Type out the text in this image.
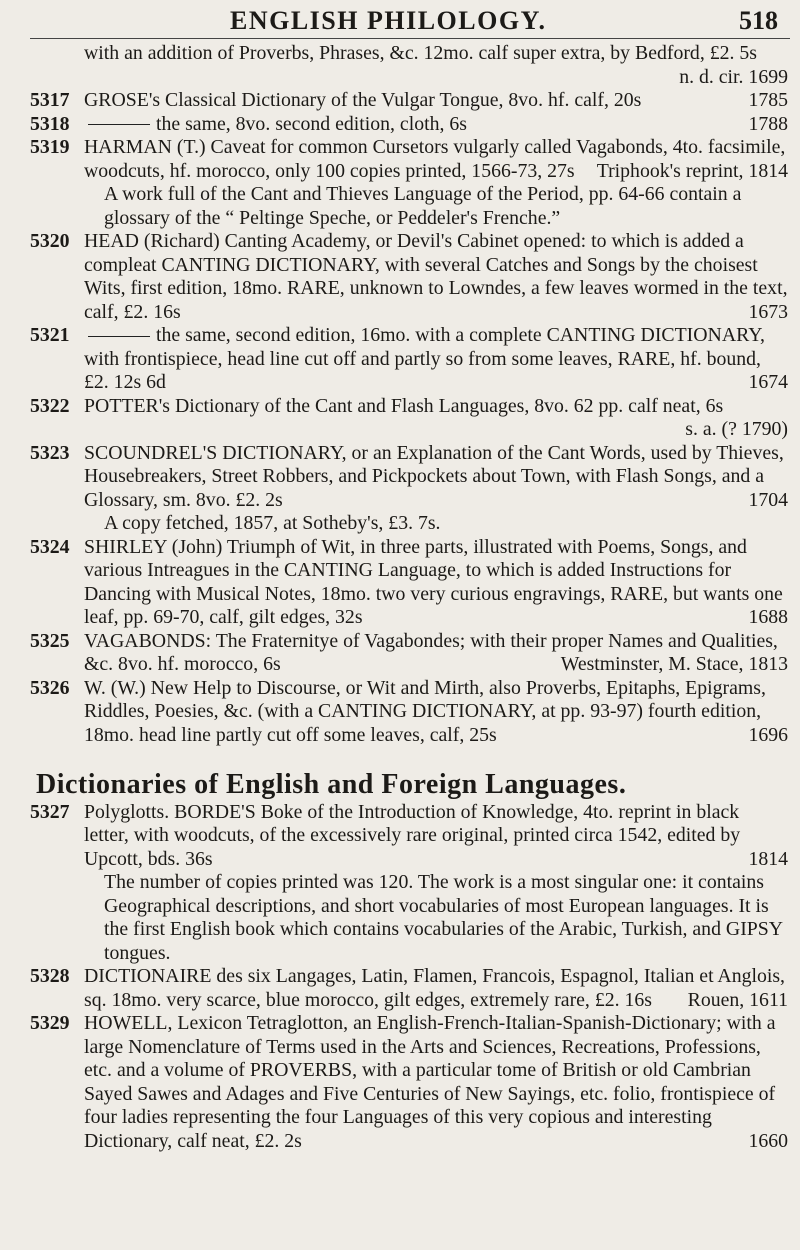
ENGLISH PHILOLOGY.	518
with an addition of Proverbs, Phrases, &c. 12mo. calf super extra, by Bedford, £2. 5s
n. d. cir. 1699
5317 GROSE's Classical Dictionary of the Vulgar Tongue, 8vo. hf. calf, 20s	1785
5318	the same, 8vo. second edition, cloth, 6s	1788
5319 HARMAN (T.) Caveat for common Cursetors vulgarly called Vagabonds, 4to. facsimile, woodcuts, hf. morocco, only 100 copies printed, 1566-73, 27s Triphook's reprint, 1814
A work full of the Cant and Thieves Language of the Period, pp. 64-66 contain a glossary of the “ Peltinge Speche, or Peddeler's Frenche.”
5320 HEAD (Richard) Canting Academy, or Devil's Cabinet opened: to which is added a compleat CANTING DICTIONARY, with several Catches and Songs by the choisest Wits, first edition, 18mo. RARE, unknown to Lowndes, a few leaves wormed in the text, calf, £2. 16s	1673
5321	the same, second edition, 16mo. with a complete CANTING DICTIONARY, with frontispiece, head line cut off and partly so from some leaves, RARE, hf. bound, £2. 12s 6d	1674
5322 POTTER's Dictionary of the Cant and Flash Languages, 8vo. 62 pp. calf neat, 6s
s. a. (? 1790)
5323 SCOUNDREL'S DICTIONARY, or an Explanation of the Cant Words, used by Thieves, Housebreakers, Street Robbers, and Pickpockets about Town, with Flash Songs, and a Glossary, sm. 8vo. £2. 2s	1704
A copy fetched, 1857, at Sotheby's, £3. 7s.
5324 SHIRLEY (John) Triumph of Wit, in three parts, illustrated with Poems, Songs, and various Intreagues in the CANTING Language, to which is added Instructions for Dancing with Musical Notes, 18mo. two very curious engravings, RARE, but wants one leaf, pp. 69-70, calf, gilt edges, 32s	1688
5325 VAGABONDS: The Fraternitye of Vagabondes; with their proper Names and Qualities, &c. 8vo. hf. morocco, 6s	Westminster, M. Stace, 1813
5326 W. (W.) New Help to Discourse, or Wit and Mirth, also Proverbs, Epitaphs, Epigrams, Riddles, Poesies, &c. (with a CANTING DICTIONARY, at pp. 93-97) fourth edition, 18mo. head line partly cut off some leaves, calf, 25s	1696
Dictionaries of English and Foreign Languages.
5327 Polyglotts. BORDE'S Boke of the Introduction of Knowledge, 4to. reprint in black letter, with woodcuts, of the excessively rare original, printed circa 1542, edited by Upcott, bds. 36s	1814
The number of copies printed was 120. The work is a most singular one: it contains Geographical descriptions, and short vocabularies of most European languages. It is the first English book which contains vocabularies of the Arabic, Turkish, and GIPSY tongues.
5328 DICTIONAIRE des six Langages, Latin, Flamen, Francois, Espagnol, Italian et Anglois, sq. 18mo. very scarce, blue morocco, gilt edges, extremely rare, £2. 16s Rouen, 1611
5329 HOWELL, Lexicon Tetraglotton, an English-French-Italian-Spanish-Dictionary; with a large Nomenclature of Terms used in the Arts and Sciences, Recreations, Professions, etc. and a volume of PROVERBS, with a particular tome of British or old Cambrian Sayed Sawes and Adages and Five Centuries of New Sayings, etc. folio, frontispiece of four ladies representing the four Languages of this very copious and interesting Dictionary, calf neat, £2. 2s	1660
